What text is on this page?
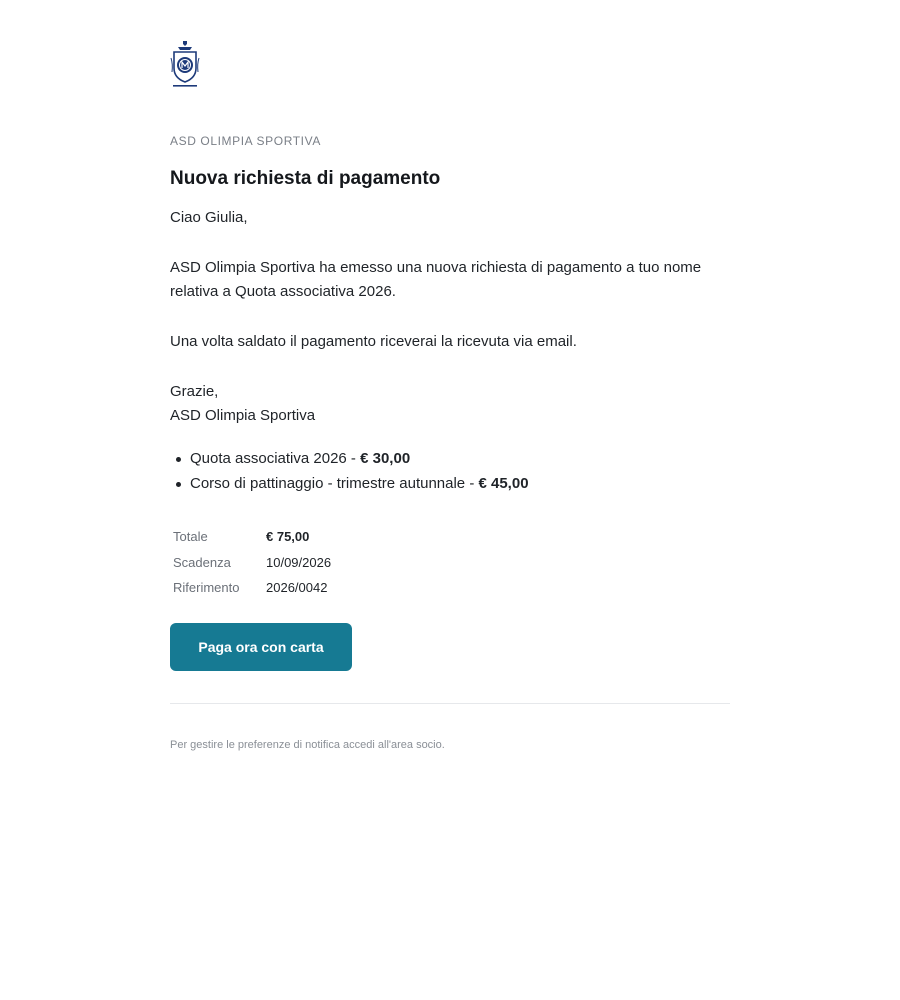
ASD OLIMPIA SPORTIVA
Nuova richiesta di pagamento

Ciao Giulia,

ASD Olimpia Sportiva ha emesso una nuova richiesta di pagamento a tuo nome relativa a Quota associativa 2026.

Una volta saldato il pagamento riceverai la ricevuta via email.

Grazie,

ASD Olimpia Sportiva

Quota associativa 2026 - € 30,00
Corso di pattinaggio - trimestre autunnale - € 45,00
Totale	€ 75,00
Scadenza	10/09/2026
Riferimento	2026/0042
Paga ora con carta
Per gestire le preferenze di notifica accedi all'area socio.
